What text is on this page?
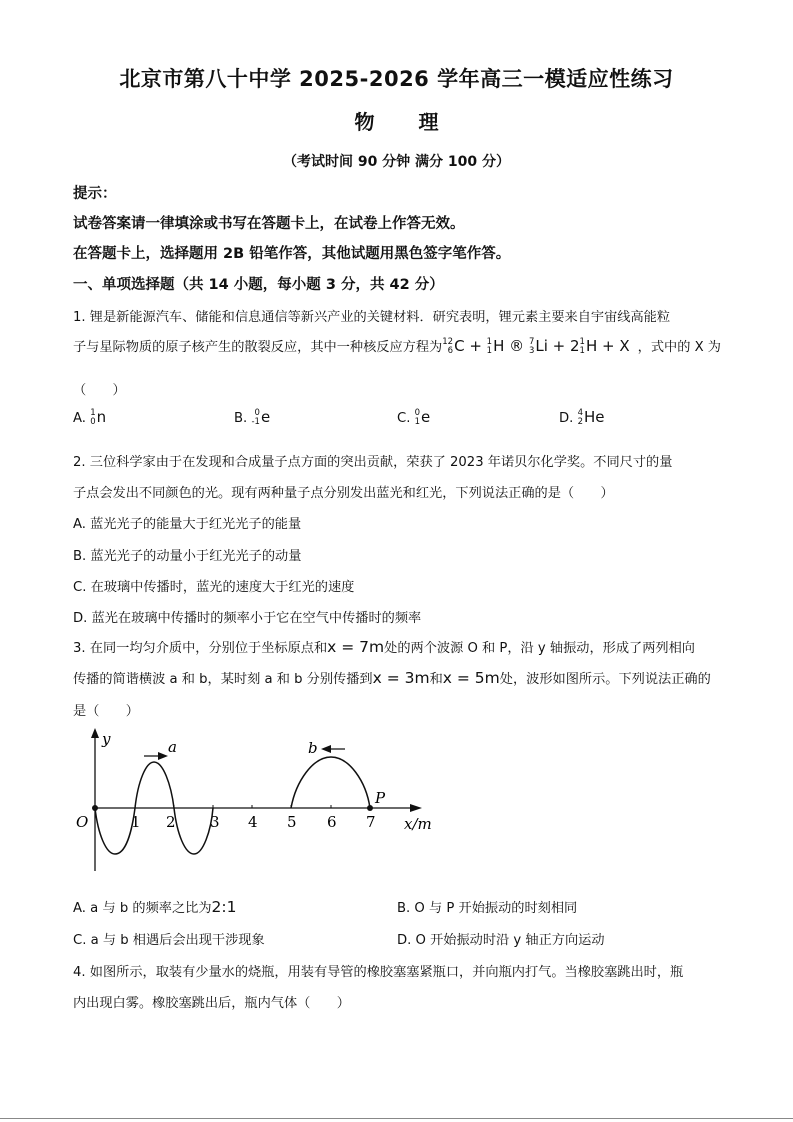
北京市第八十中学 2025-2026 学年高三一模适应性练习
物 理
（考试时间 90 分钟 满分 100 分）
提示：
试卷答案请一律填涂或书写在答题卡上，在试卷上作答无效。
在答题卡上，选择题用 2B 铅笔作答，其他试题用黑色签字笔作答。
一、单项选择题（共 14 小题，每小题 3 分，共 42 分）
1. 锂是新能源汽车、储能和信息通信等新兴产业的关键材料．研究表明，锂元素主要来自宇宙线高能粒
子与星际物质的原子核产生的散裂反应，其中一种核反应方程为 12
6 C + 1
1 H ® 7
3 Li + 2 1
1 H + X ，式中的 X 为
（　　）
A. 1
0 n	B. 0
-1 e	C. 0
1 e	D. 4
2 He
2. 三位科学家由于在发现和合成量子点方面的突出贡献，荣获了 2023 年诺贝尔化学奖。不同尺寸的量
子点会发出不同颜色的光。现有两种量子点分别发出蓝光和红光，下列说法正确的是（　　）
A. 蓝光光子的能量大于红光光子的能量
B. 蓝光光子的动量小于红光光子的动量
C. 在玻璃中传播时，蓝光的速度大于红光的速度
D. 蓝光在玻璃中传播时的频率小于它在空气中传播时的频率
3. 在同一均匀介质中，分别位于坐标原点和x = 7m处的两个波源 O 和 P，沿 y 轴振动，形成了两列相向
传播的简谐横波 a 和 b，某时刻 a 和 b 分别传播到x = 3m和x = 5m处，波形如图所示。下列说法正确的
是（　　）
y
x/m
O	1 2 3 4 5 6 7
P
a	b
A. a 与 b 的频率之比为2:1	B. O 与 P 开始振动的时刻相同
C. a 与 b 相遇后会出现干涉现象	D. O 开始振动时沿 y 轴正方向运动
4. 如图所示，取装有少量水的烧瓶，用装有导管的橡胶塞塞紧瓶口，并向瓶内打气。当橡胶塞跳出时，瓶
内出现白雾。橡胶塞跳出后，瓶内气体（　　）
